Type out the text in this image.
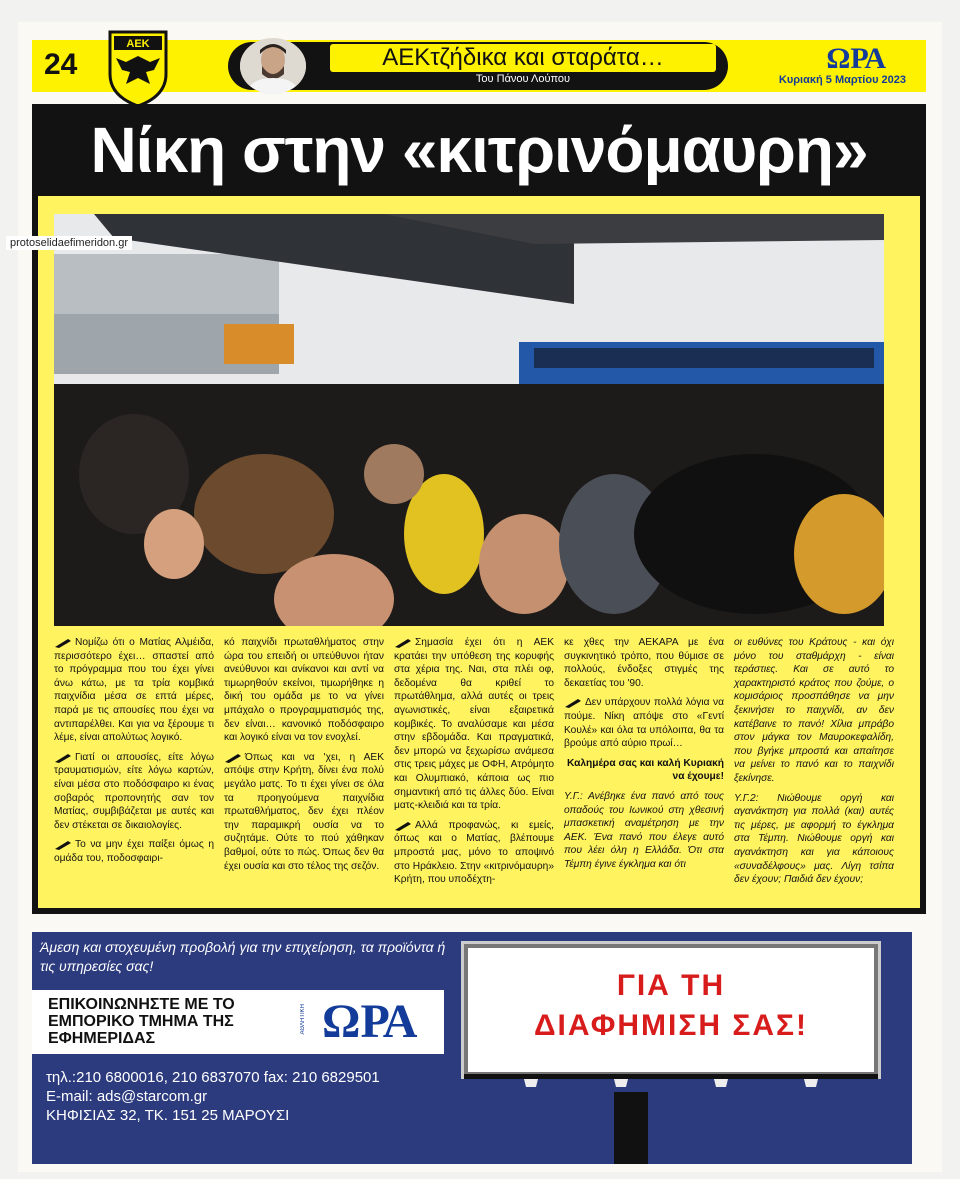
24
ΑΕΚ	ΑΕΚτζήδικα και σταράτα…
Του Πάνου Λούπου
ΩΡΑ
Κυριακή 5 Μαρτίου 2023
Νίκη στην «κιτρινόμαυρη»
protoselidaefimeridon.gr

Νομίζω ότι ο Ματίας Αλμέιδα, περισσότερο έχει… σπαστεί από το πρόγραμμα που του έχει γίνει άνω κάτω, με τα τρία κομβικά παιχνίδια μέσα σε επτά μέρες, παρά με τις απουσίες που έχει να αντιπαρέλθει. Και για να ξέρουμε τι λέμε, είναι απολύτως λογικό.

Γιατί οι απουσίες, είτε λόγω τραυματισμών, είτε λόγω καρτών, είναι μέσα στο ποδόσφαιρο κι ένας σοβαρός προπονητής σαν τον Ματίας, συμβιβάζεται με αυτές και δεν στέκεται σε δικαιολογίες.

Το να μην έχει παίξει όμως η ομάδα του, ποδοσφαιρι-

κό παιχνίδι πρωταθλήματος στην ώρα του επειδή οι υπεύθυνοι ήταν ανεύθυνοι και ανίκανοι και αντί να τιμωρηθούν εκείνοι, τιμωρήθηκε η δική του ομάδα με το να γίνει μπάχαλο ο προγραμματισμός της, δεν είναι… κανονικό ποδόσφαιρο και λογικό είναι να τον ενοχλεί.

Όπως και να 'χει, η ΑΕΚ απόψε στην Κρήτη, δίνει ένα πολύ μεγάλο ματς. Το τι έχει γίνει σε όλα τα προηγούμενα παιχνίδια πρωταθλήματος, δεν έχει πλέον την παραμικρή ουσία να το συζητάμε. Ούτε το πού χάθηκαν βαθμοί, ούτε το πώς. Όπως δεν θα έχει ουσία και στο τέλος της σεζόν.

Σημασία έχει ότι η ΑΕΚ κρατάει την υπόθεση της κορυφής στα χέρια της. Ναι, στα πλέι οφ, δεδομένα θα κριθεί το πρωτάθλημα, αλλά αυτές οι τρεις αγωνιστικές, είναι εξαιρετικά κομβικές. Το αναλύσαμε και μέσα στην εβδομάδα. Και πραγματικά, δεν μπορώ να ξεχωρίσω ανάμεσα στις τρεις μάχες με ΟΦΗ, Ατρόμητο και Ολυμπιακό, κάποια ως πιο σημαντική από τις άλλες δύο. Είναι ματς-κλειδιά και τα τρία.

Αλλά προφανώς, κι εμείς, όπως και ο Ματίας, βλέπουμε μπροστά μας, μόνο το αποψινό στο Ηράκλειο. Στην «κιτρινόμαυρη» Κρήτη, που υποδέχτη-

κε χθες την ΑΕΚΑΡΑ με ένα συγκινητικό τρόπο, που θύμισε σε πολλούς, ένδοξες στιγμές της δεκαετίας του '90.

Δεν υπάρχουν πολλά λόγια να πούμε. Νίκη απόψε στο «Γεντί Κουλέ» και όλα τα υπόλοιπα, θα τα βρούμε από αύριο πρωί…

Καλημέρα σας και καλή Κυριακή να έχουμε!

Υ.Γ.: Ανέβηκε ένα πανό από τους οπαδούς του Ιωνικού στη χθεσινή μπασκετική αναμέτρηση με την ΑΕΚ. Ένα πανό που έλεγε αυτό που λέει όλη η Ελλάδα. Ότι στα Τέμπη έγινε έγκλημα και ότι

οι ευθύνες του Κράτους - και όχι μόνο του σταθμάρχη - είναι τεράστιες. Και σε αυτό το χαρακτηριστό κράτος που ζούμε, ο κομισάριος προσπάθησε να μην ξεκινήσει το παιχνίδι, αν δεν κατέβαινε το πανό! Χίλια μπράβο στον μάγκα τον Μαυροκεφαλίδη, που βγήκε μπροστά και απαίτησε να μείνει το πανό και το παιχνίδι ξεκίνησε.

Υ.Γ.2: Νιώθουμε οργή και αγανάκτηση για πολλά (και) αυτές τις μέρες, με αφορμή το έγκλημα στα Τέμπη. Νιώθουμε οργή και αγανάκτηση και για κάποιους «συναδέλφους» μας. Λίγη τσίπα δεν έχουν; Παιδιά δεν έχουν;

Άμεση και στοχευμένη προβολή για την επιχείρηση, τα προϊόντα ή τις υπηρεσίες σας!
ΕΠΙΚΟΙΝΩΝΗΣΤΕ ΜΕ ΤΟ ΕΜΠΟΡΙΚΟ ΤΜΗΜΑ ΤΗΣ ΕΦΗΜΕΡΙΔΑΣ
ΑΘΛΗΤΙΚΗ ΩΡΑ
τηλ.:210 6800016, 210 6837070 fax: 210 6829501
E-mail: ads@starcom.gr
ΚΗΦΙΣΙΑΣ 32, ΤΚ. 151 25 ΜΑΡΟΥΣΙ
ΓΙΑ ΤΗ
ΔΙΑΦΗΜΙΣΗ ΣΑΣ!
